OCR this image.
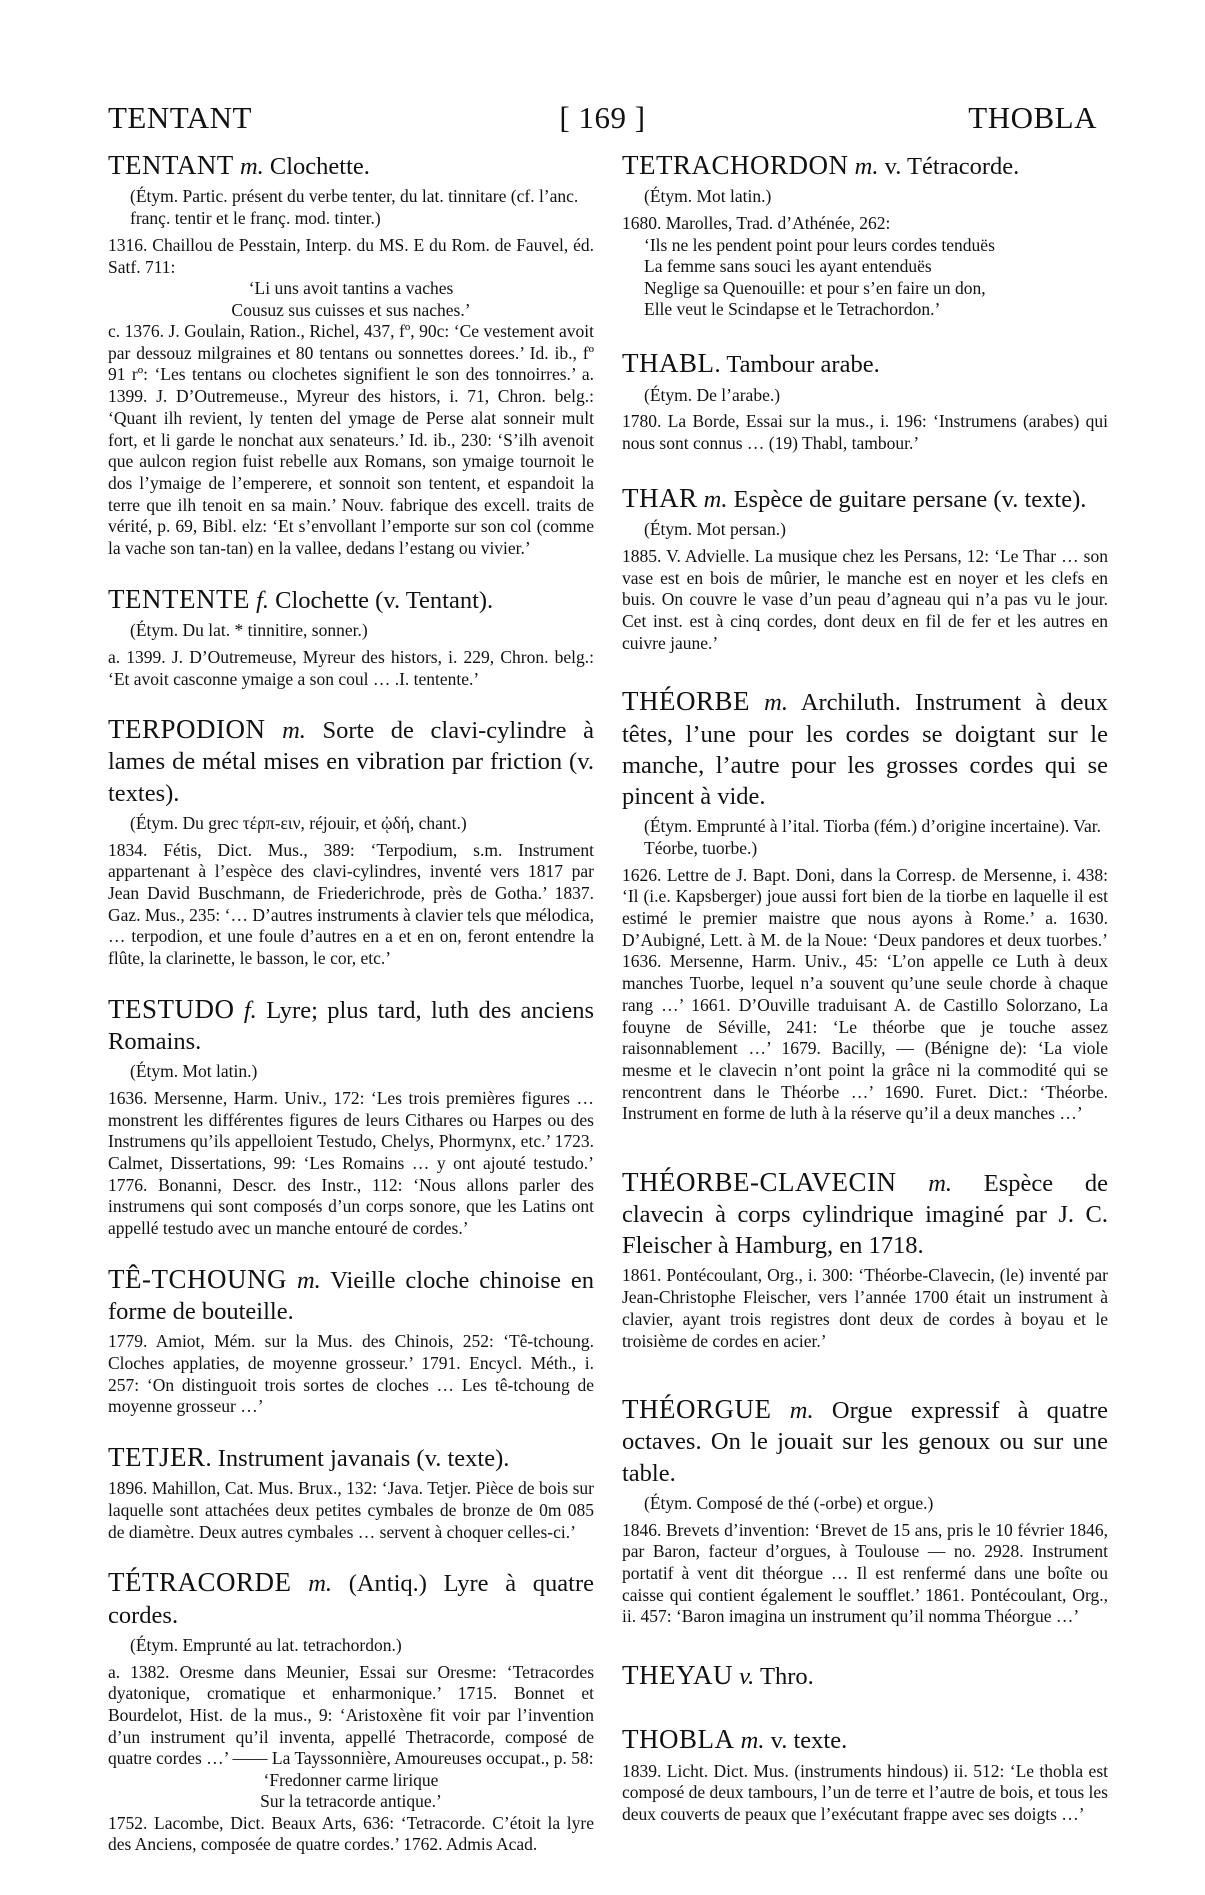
TENTANT	[ 169 ]	THOBLA

TENTANT m. Clochette.

(Étym. Partic. présent du verbe tenter, du lat. tinnitare (cf. l’anc. franç. tentir et le franç. mod. tinter.)

1316. Chaillou de Pesstain, Interp. du MS. E du Rom. de Fauvel, éd. Satf. 711:

‘Li uns avoit tantins a vaches
Cousuz sus cuisses et sus naches.’

c. 1376. J. Goulain, Ration., Richel, 437, fº, 90c: ‘Ce vestement avoit par dessouz milgraines et 80 tentans ou sonnettes dorees.’ Id. ib., fº 91 rº: ‘Les tentans ou clochetes signifient le son des tonnoirres.’ a. 1399. J. D’Outremeuse., Myreur des histors, i. 71, Chron. belg.: ‘Quant ilh revient, ly tenten del ymage de Perse alat sonneir mult fort, et li garde le nonchat aux senateurs.’ Id. ib., 230: ‘S’ilh avenoit que aulcon region fuist rebelle aux Romans, son ymaige tournoit le dos l’ymaige de l’emperere, et sonnoit son tentent, et espandoit la terre que ilh tenoit en sa main.’ Nouv. fabrique des excell. traits de vérité, p. 69, Bibl. elz: ‘Et s’envollant l’emporte sur son col (comme la vache son tan-tan) en la vallee, dedans l’estang ou vivier.’

TENTENTE f. Clochette (v. Tentant).

(Étym. Du lat. * tinnitire, sonner.)

a. 1399. J. D’Outremeuse, Myreur des histors, i. 229, Chron. belg.: ‘Et avoit casconne ymaige a son coul … .I. tentente.’

TERPODION m. Sorte de clavi-cylindre à lames de métal mises en vibration par friction (v. textes).

(Étym. Du grec τέρπ-ειν, réjouir, et ᾠδή, chant.)

1834. Fétis, Dict. Mus., 389: ‘Terpodium, s.m. Instrument appartenant à l’espèce des clavi-cylindres, inventé vers 1817 par Jean David Buschmann, de Friederichrode, près de Gotha.’ 1837. Gaz. Mus., 235: ‘… D’autres instruments à clavier tels que mélodica, … terpodion, et une foule d’autres en a et en on, feront entendre la flûte, la clarinette, le basson, le cor, etc.’

TESTUDO f. Lyre; plus tard, luth des anciens Romains.

(Étym. Mot latin.)

1636. Mersenne, Harm. Univ., 172: ‘Les trois premières figures … monstrent les différentes figures de leurs Cithares ou Harpes ou des Instrumens qu’ils appelloient Testudo, Chelys, Phormynx, etc.’ 1723. Calmet, Dissertations, 99: ‘Les Romains … y ont ajouté testudo.’ 1776. Bonanni, Descr. des Instr., 112: ‘Nous allons parler des instrumens qui sont composés d’un corps sonore, que les Latins ont appellé testudo avec un manche entouré de cordes.’

TÊ-TCHOUNG m. Vieille cloche chinoise en forme de bouteille.

1779. Amiot, Mém. sur la Mus. des Chinois, 252: ‘Tê-tchoung. Cloches applaties, de moyenne grosseur.’ 1791. Encycl. Méth., i. 257: ‘On distinguoit trois sortes de cloches … Les tê-tchoung de moyenne grosseur …’

TETJER. Instrument javanais (v. texte).

1896. Mahillon, Cat. Mus. Brux., 132: ‘Java. Tetjer. Pièce de bois sur laquelle sont attachées deux petites cymbales de bronze de 0m 085 de diamètre. Deux autres cymbales … servent à choquer celles-ci.’

TÉTRACORDE m. (Antiq.) Lyre à quatre cordes.

(Étym. Emprunté au lat. tetrachordon.)

a. 1382. Oresme dans Meunier, Essai sur Oresme: ‘Tetracordes dyatonique, cromatique et enharmonique.’ 1715. Bonnet et Bourdelot, Hist. de la mus., 9: ‘Aristoxène fit voir par l’invention d’un instrument qu’il inventa, appellé Thetracorde, composé de quatre cordes …’ —— La Tayssonnière, Amoureuses occupat., p. 58:

‘Fredonner carme lirique
Sur la tetracorde antique.’

1752. Lacombe, Dict. Beaux Arts, 636: ‘Tetracorde. C’étoit la lyre des Anciens, composée de quatre cordes.’ 1762. Admis Acad.

TETRACHORDON m. v. Tétracorde.

(Étym. Mot latin.)

1680. Marolles, Trad. d’Athénée, 262:

‘Ils ne les pendent point pour leurs cordes tenduës
La femme sans souci les ayant entenduës
Neglige sa Quenouille: et pour s’en faire un don,
Elle veut le Scindapse et le Tetrachordon.’

THABL. Tambour arabe.

(Étym. De l’arabe.)

1780. La Borde, Essai sur la mus., i. 196: ‘Instrumens (arabes) qui nous sont connus … (19) Thabl, tambour.’

THAR m. Espèce de guitare persane (v. texte).

(Étym. Mot persan.)

1885. V. Advielle. La musique chez les Persans, 12: ‘Le Thar … son vase est en bois de mûrier, le manche est en noyer et les clefs en buis. On couvre le vase d’un peau d’agneau qui n’a pas vu le jour. Cet inst. est à cinq cordes, dont deux en fil de fer et les autres en cuivre jaune.’

THÉORBE m. Archiluth. Instrument à deux têtes, l’une pour les cordes se doigtant sur le manche, l’autre pour les grosses cordes qui se pincent à vide.

(Étym. Emprunté à l’ital. Tiorba (fém.) d’origine incertaine). Var. Téorbe, tuorbe.)

1626. Lettre de J. Bapt. Doni, dans la Corresp. de Mersenne, i. 438: ‘Il (i.e. Kapsberger) joue aussi fort bien de la tiorbe en laquelle il est estimé le premier maistre que nous ayons à Rome.’ a. 1630. D’Aubigné, Lett. à M. de la Noue: ‘Deux pandores et deux tuorbes.’ 1636. Mersenne, Harm. Univ., 45: ‘L’on appelle ce Luth à deux manches Tuorbe, lequel n’a souvent qu’une seule chorde à chaque rang …’ 1661. D’Ouville traduisant A. de Castillo Solorzano, La fouyne de Séville, 241: ‘Le théorbe que je touche assez raisonnablement …’ 1679. Bacilly, — (Bénigne de): ‘La viole mesme et le clavecin n’ont point la grâce ni la commodité qui se rencontrent dans le Théorbe …’ 1690. Furet. Dict.: ‘Théorbe. Instrument en forme de luth à la réserve qu’il a deux manches …’

THÉORBE-CLAVECIN m. Espèce de clavecin à corps cylindrique imaginé par J. C. Fleischer à Hamburg, en 1718.

1861. Pontécoulant, Org., i. 300: ‘Théorbe-Clavecin, (le) inventé par Jean-Christophe Fleischer, vers l’année 1700 était un instrument à clavier, ayant trois registres dont deux de cordes à boyau et le troisième de cordes en acier.’

THÉORGUE m. Orgue expressif à quatre octaves. On le jouait sur les genoux ou sur une table.

(Étym. Composé de thé (-orbe) et orgue.)

1846. Brevets d’invention: ‘Brevet de 15 ans, pris le 10 février 1846, par Baron, facteur d’orgues, à Toulouse — no. 2928. Instrument portatif à vent dit théorgue … Il est renfermé dans une boîte ou caisse qui contient également le soufflet.’ 1861. Pontécoulant, Org., ii. 457: ‘Baron imagina un instrument qu’il nomma Théorgue …’

THEYAU v. Thro.

THOBLA m. v. texte.

1839. Licht. Dict. Mus. (instruments hindous) ii. 512: ‘Le thobla est composé de deux tambours, l’un de terre et l’autre de bois, et tous les deux couverts de peaux que l’exécutant frappe avec ses doigts …’
